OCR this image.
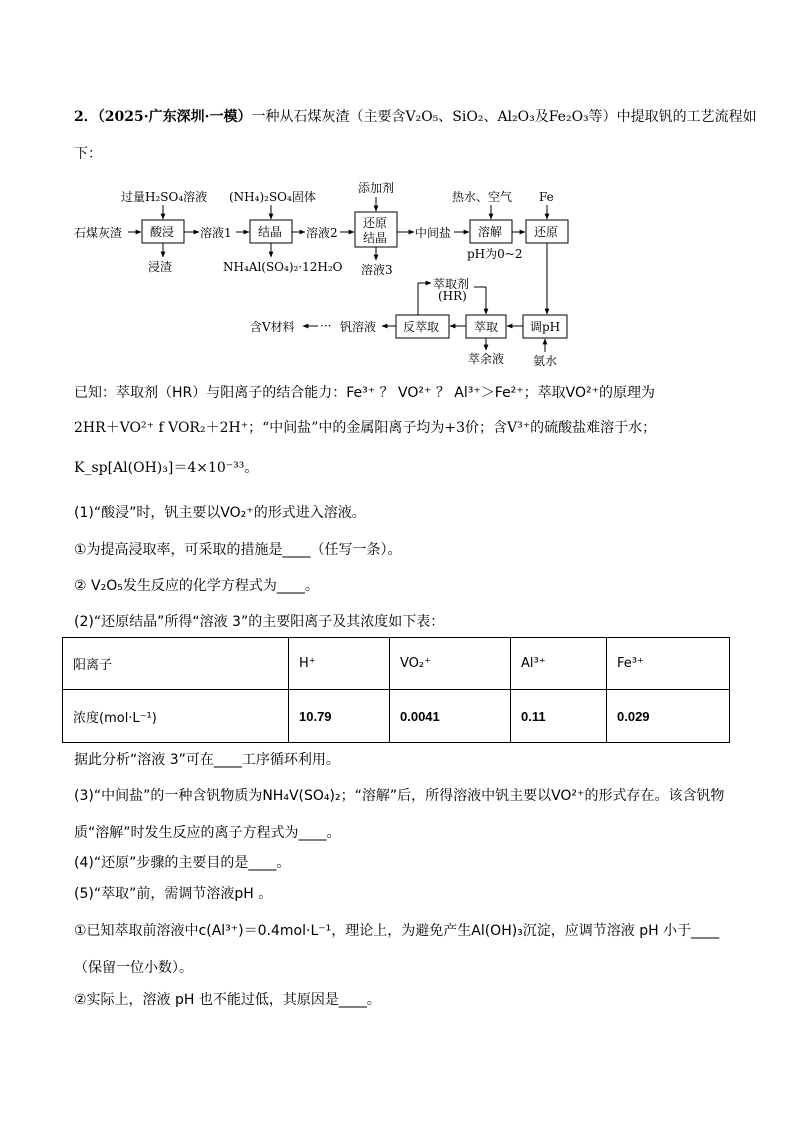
2．（2025·广东深圳·一模）一种从石煤灰渣（主要含V₂O₅、SiO₂、Al₂O₃及Fe₂O₃等）中提取钒的工艺流程如
下：
石煤灰渣 酸浸
过量H₂SO₄溶液
浸渣
溶液1 结晶
(NH₄)₂SO₄固体
NH₄Al(SO₄)₂·12H₂O
溶液2
还原
结晶
添加剂
溶液3
中间盐 溶解
热水、空气
pH为0~2
还原
Fe
调pH
氨水
萃取
萃余液
萃取剂
(HR)
反萃取
钒溶液
···
含V材料
已知：萃取剂（HR）与阳离子的结合能力：Fe³⁺ ？ VO²⁺ ？ Al³⁺＞Fe²⁺；萃取VO²⁺的原理为
2HR＋VO²⁺ f VOR₂＋2H⁺；“中间盐”中的金属阳离子均为+3价；含V³⁺的硫酸盐难溶于水；
K_sp[Al(OH)₃]＝4×10⁻³³。
(1)“酸浸”时，钒主要以VO₂⁺的形式进入溶液。
①为提高浸取率，可采取的措施是____（任写一条）。
② V₂O₅发生反应的化学方程式为____。
(2)“还原结晶”所得“溶液 3”的主要阳离子及其浓度如下表：
阳离子	H⁺	VO₂⁺	Al³⁺	Fe³⁺
浓度(mol·L⁻¹)	10.79	0.0041	0.11	0.029
据此分析“溶液 3”可在____工序循环利用。
(3)“中间盐”的一种含钒物质为NH₄V(SO₄)₂；“溶解”后，所得溶液中钒主要以VO²⁺的形式存在。该含钒物
质“溶解”时发生反应的离子方程式为____。
(4)“还原”步骤的主要目的是____。
(5)“萃取”前，需调节溶液pH 。
①已知萃取前溶液中c(Al³⁺)＝0.4mol·L⁻¹，理论上，为避免产生Al(OH)₃沉淀，应调节溶液 pH 小于____
（保留一位小数）。
②实际上，溶液 pH 也不能过低，其原因是____。
